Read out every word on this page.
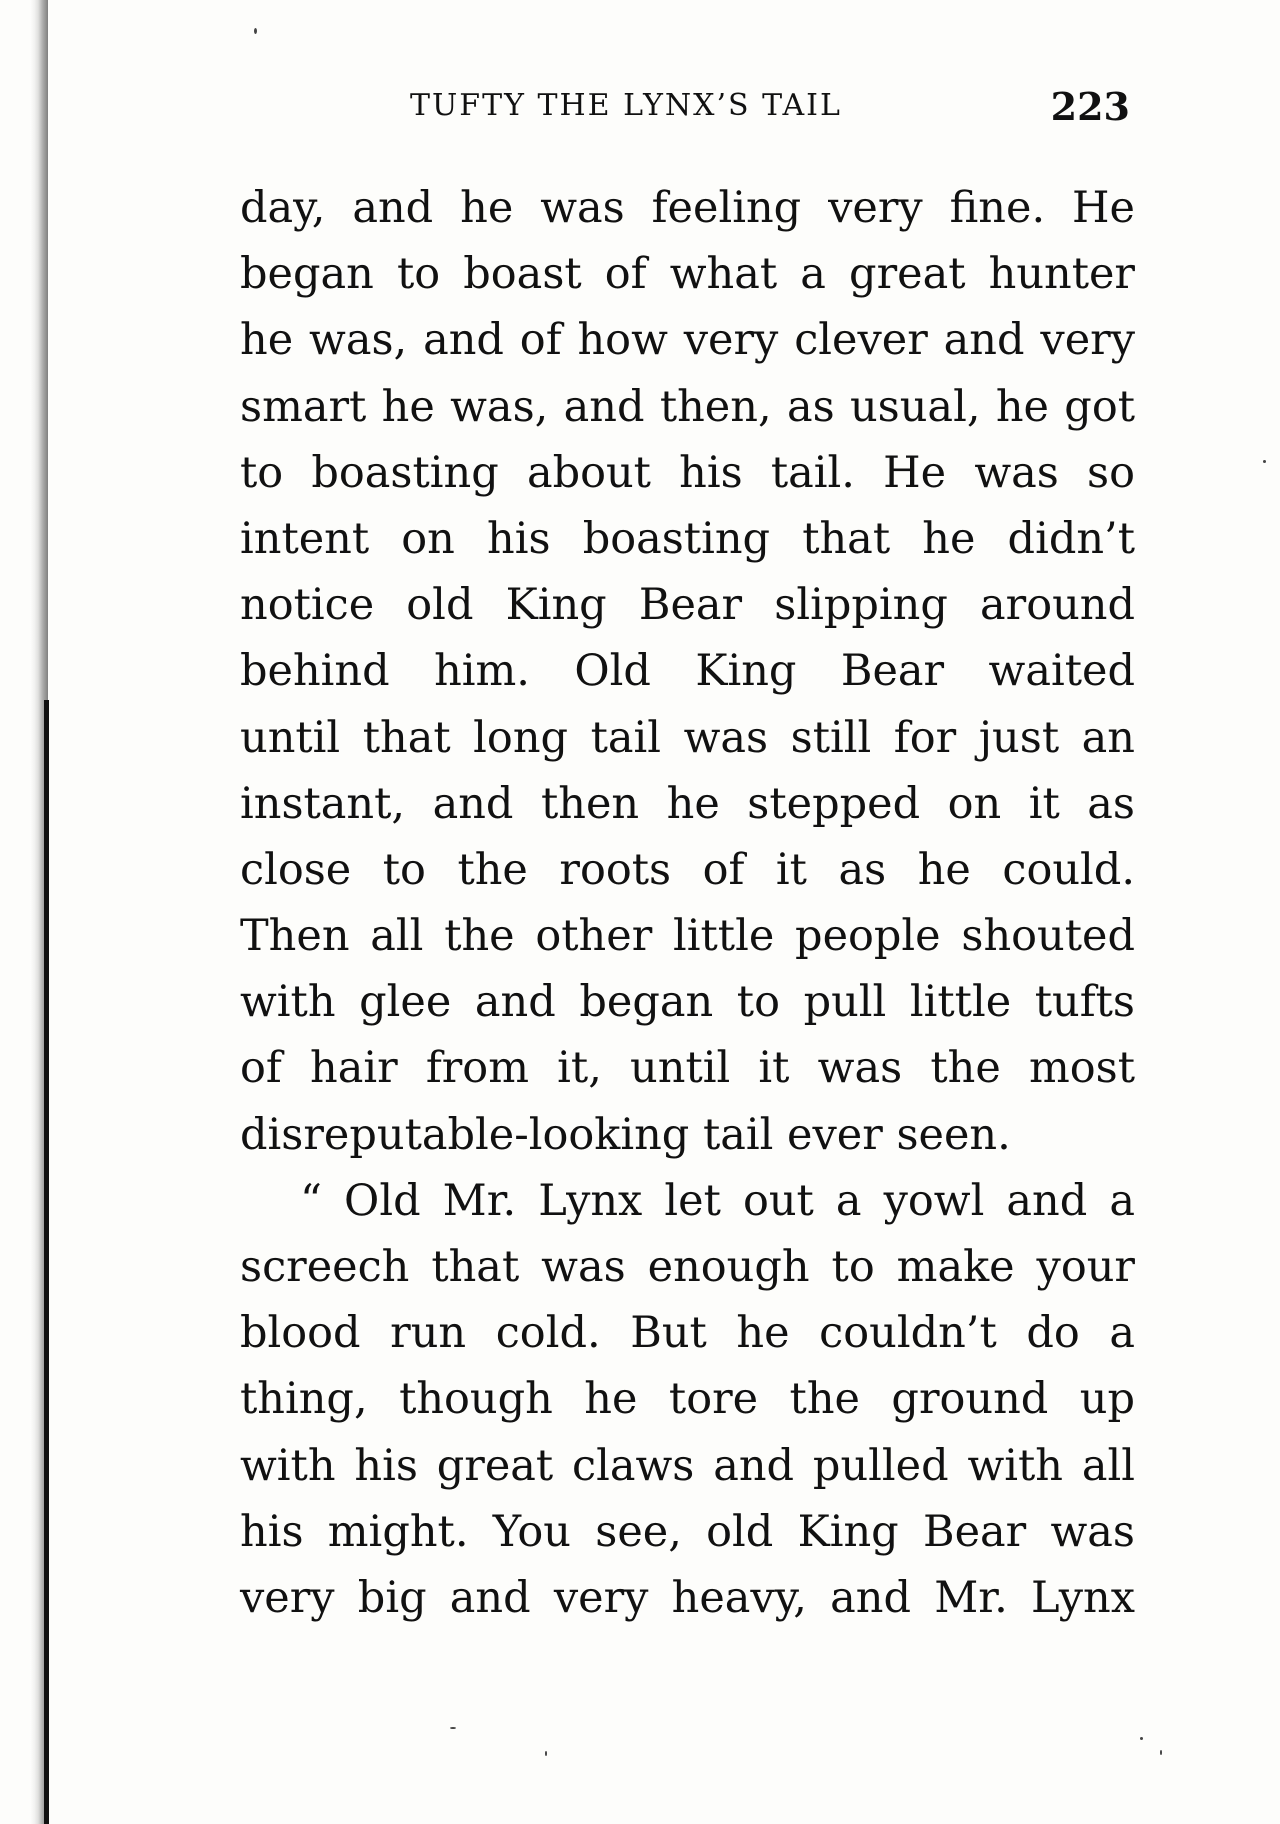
TUFTY THE LYNX’S TAIL	223
day, and he was feeling very fine. He
began to boast of what a great hunter
he was, and of how very clever and very
smart he was, and then, as usual, he got
to boasting about his tail. He was so
intent on his boasting that he didn’t
notice old King Bear slipping around
behind him. Old King Bear waited
until that long tail was still for just an
instant, and then he stepped on it as
close to the roots of it as he could.
Then all the other little people shouted
with glee and began to pull little tufts
of hair from it, until it was the most
disreputable-looking tail ever seen.
“ Old Mr. Lynx let out a yowl and a
screech that was enough to make your
blood run cold. But he couldn’t do a
thing, though he tore the ground up
with his great claws and pulled with all
his might. You see, old King Bear was
very big and very heavy, and Mr. Lynx
